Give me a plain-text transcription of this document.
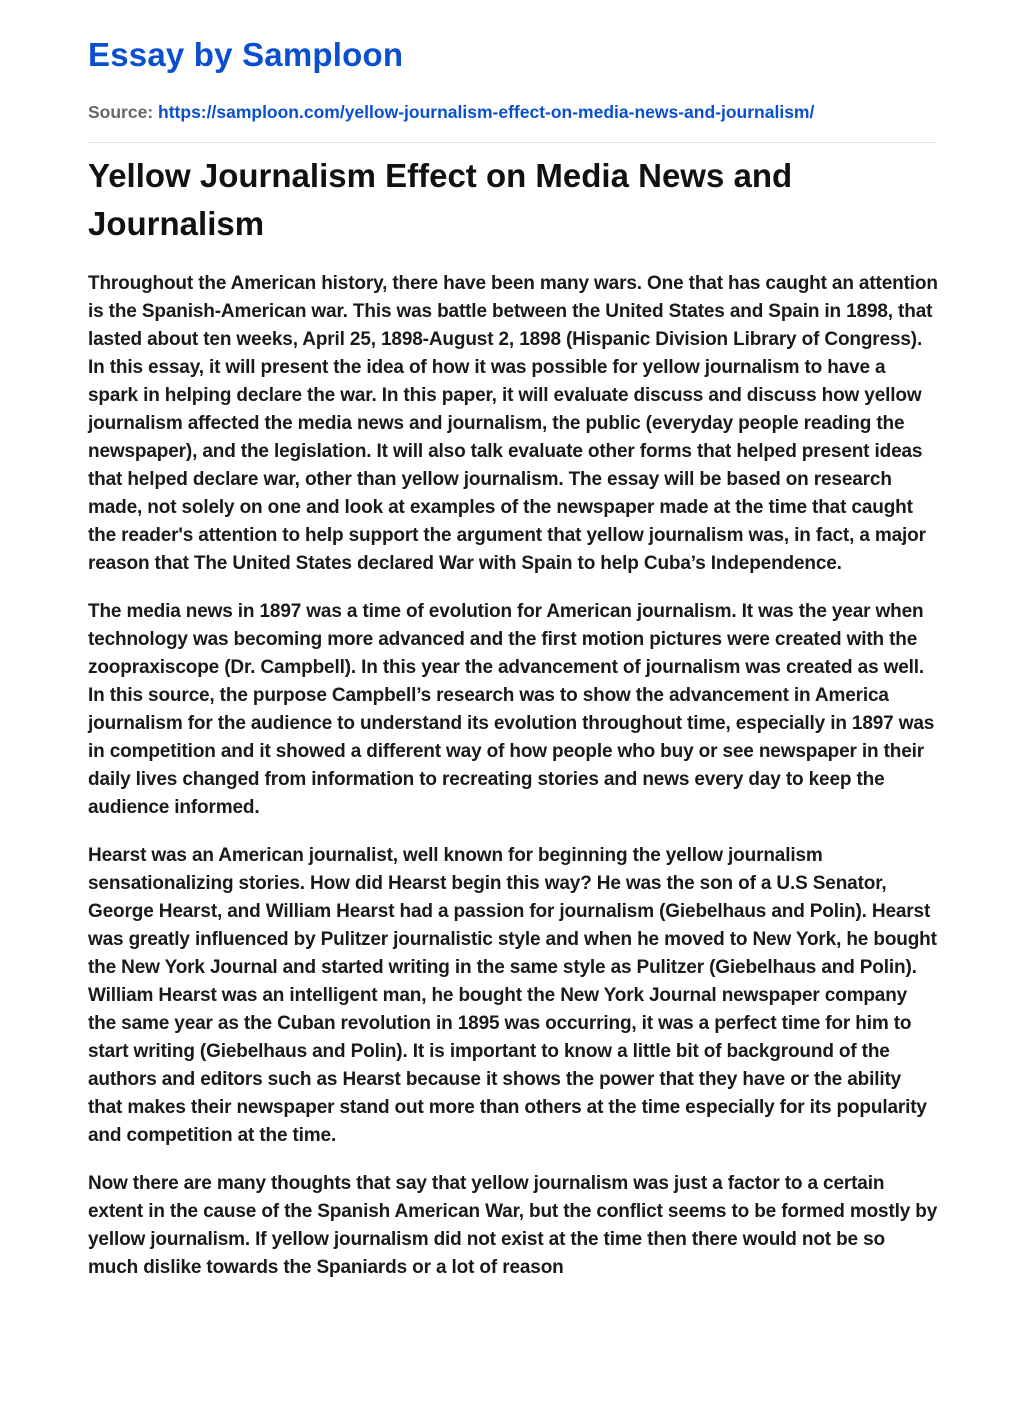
Essay by Samploon
Source: https://samploon.com/yellow-journalism-effect-on-media-news-and-journalism/
Yellow Journalism Effect on Media News and Journalism

Throughout the American history, there have been many wars. One that has caught an attention is the Spanish-American war. This was battle between the United States and Spain in 1898, that lasted about ten weeks, April 25, 1898-August 2, 1898 (Hispanic Division Library of Congress). In this essay, it will present the idea of how it was possible for yellow journalism to have a spark in helping declare the war. In this paper, it will evaluate discuss and discuss how yellow journalism affected the media news and journalism, the public (everyday people reading the newspaper), and the legislation. It will also talk evaluate other forms that helped present ideas that helped declare war, other than yellow journalism. The essay will be based on research made, not solely on one and look at examples of the newspaper made at the time that caught the reader's attention to help support the argument that yellow journalism was, in fact, a major reason that The United States declared War with Spain to help Cuba’s Independence.

The media news in 1897 was a time of evolution for American journalism. It was the year when technology was becoming more advanced and the first motion pictures were created with the zoopraxiscope (Dr. Campbell). In this year the advancement of journalism was created as well. In this source, the purpose Campbell’s research was to show the advancement in America journalism for the audience to understand its evolution throughout time, especially in 1897 was in competition and it showed a different way of how people who buy or see newspaper in their daily lives changed from information to recreating stories and news every day to keep the audience informed.

Hearst was an American journalist, well known for beginning the yellow journalism sensationalizing stories. How did Hearst begin this way? He was the son of a U.S Senator, George Hearst, and William Hearst had a passion for journalism (Giebelhaus and Polin). Hearst was greatly influenced by Pulitzer journalistic style and when he moved to New York, he bought the New York Journal and started writing in the same style as Pulitzer (Giebelhaus and Polin). William Hearst was an intelligent man, he bought the New York Journal newspaper company the same year as the Cuban revolution in 1895 was occurring, it was a perfect time for him to start writing (Giebelhaus and Polin). It is important to know a little bit of background of the authors and editors such as Hearst because it shows the power that they have or the ability that makes their newspaper stand out more than others at the time especially for its popularity and competition at the time.

Now there are many thoughts that say that yellow journalism was just a factor to a certain extent in the cause of the Spanish American War, but the conflict seems to be formed mostly by yellow journalism. If yellow journalism did not exist at the time then there would not be so much dislike towards the Spaniards or a lot of reason
